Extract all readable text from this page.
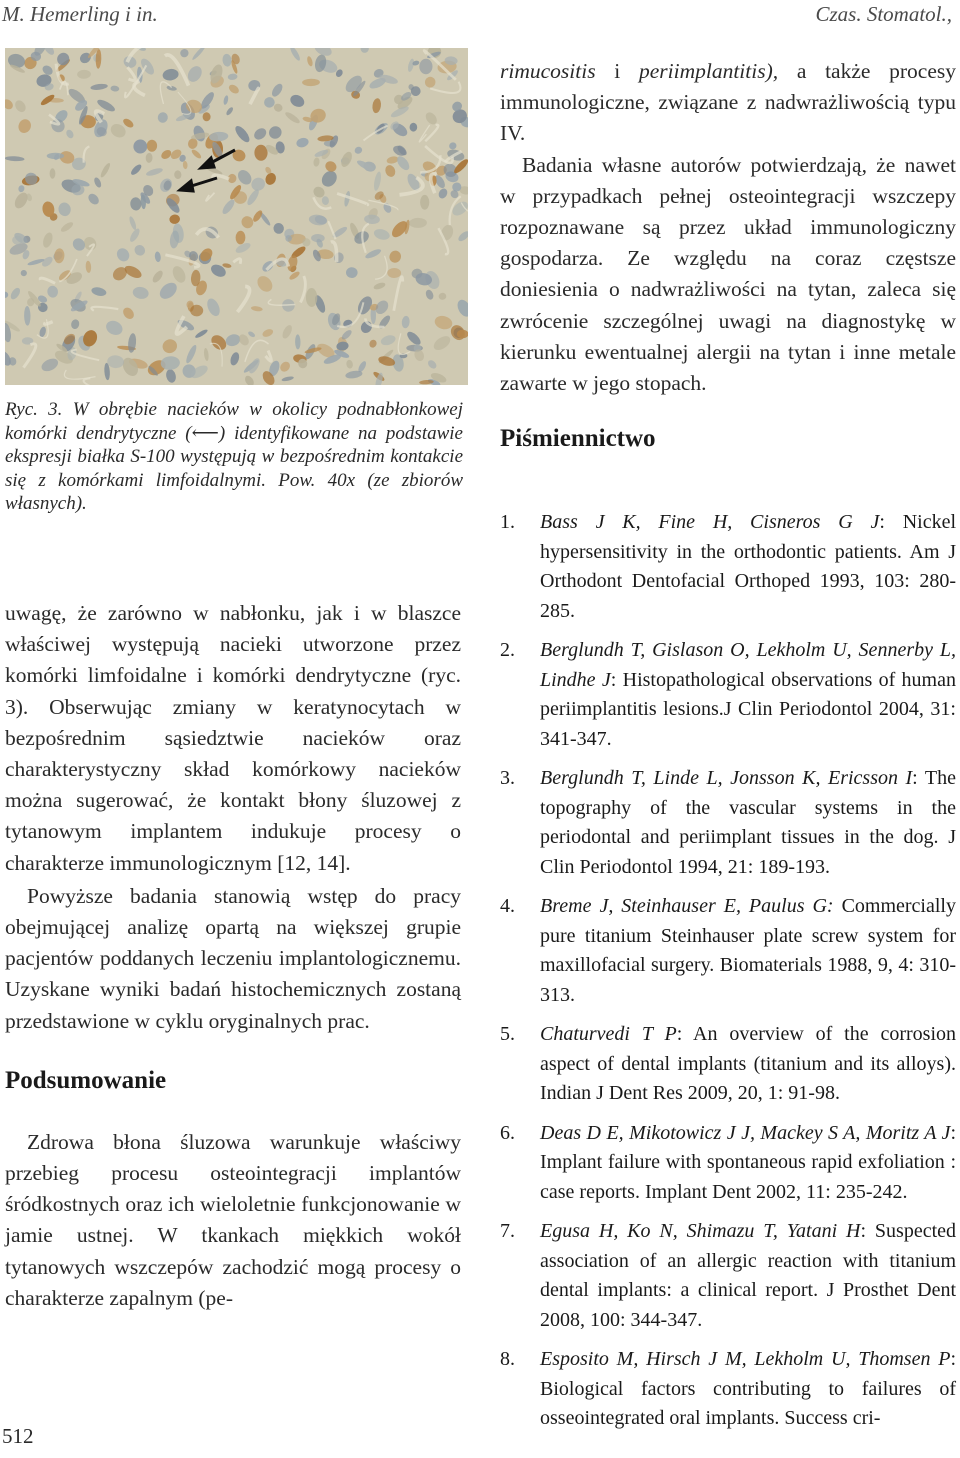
M. Hemerling i in.	Czas. Stomatol.,
Ryc. 3. W obrębie nacieków w okolicy podnabłonkowej komórki dendrytyczne (⟵) identyfikowane na podstawie ekspresji białka S-100 występują w bezpośrednim kontakcie się z komórkami limfoidalnymi. Pow. 40x (ze zbiorów własnych).

uwagę, że zarówno w nabłonku, jak i w blaszce właściwej występują nacieki utworzone przez komórki limfoidalne i komórki dendrytyczne (ryc. 3). Obserwując zmiany w keratynocytach w bezpośrednim sąsiedztwie nacieków oraz charakterystyczny skład komórkowy nacieków można sugerować, że kontakt błony śluzowej z tytanowym implantem indukuje procesy o charakterze immunologicznym [12, 14].

Powyższe badania stanowią wstęp do pracy obejmującej analizę opartą na większej grupie pacjentów poddanych leczeniu implantologicznemu. Uzyskane wyniki badań histochemicznych zostaną przedstawione w cyklu oryginalnych prac.

Podsumowanie

Zdrowa błona śluzowa warunkuje właściwy przebieg procesu osteointegracji implantów śródkostnych oraz ich wieloletnie funkcjonowanie w jamie ustnej. W tkankach miękkich wokół tytanowych wszczepów zachodzić mogą procesy o charakterze zapalnym (pe-

rimucositis i periimplantitis), a także procesy immunologiczne, związane z nadwrażliwością typu IV.

Badania własne autorów potwierdzają, że nawet w przypadkach pełnej osteointegracji wszczepy rozpoznawane są przez układ immunologiczny gospodarza. Ze względu na coraz częstsze doniesienia o nadwrażliwości na tytan, zaleca się zwrócenie szczególnej uwagi na diagnostykę w kierunku ewentualnej alergii na tytan i inne metale zawarte w jego stopach.

Piśmiennictwo
1.	Bass J K, Fine H, Cisneros G J: Nickel hypersensitivity in the orthodontic patients. Am J Orthodont Dentofacial Orthoped 1993, 103: 280-285.
2.	Berglundh T, Gislason O, Lekholm U, Sennerby L, Lindhe J: Histopathological observations of human periimplantitis lesions.J Clin Periodontol 2004, 31: 341-347.
3.	Berglundh T, Linde L, Jonsson K, Ericsson I: The topography of the vascular systems in the periodontal and periimplant tissues in the dog. J Clin Periodontol 1994, 21: 189-193.
4.	Breme J, Steinhauser E, Paulus G: Commercially pure titanium Steinhauser plate screw system for maxillofacial surgery. Biomaterials 1988, 9, 4: 310-313.
5.	Chaturvedi T P: An overview of the corrosion aspect of dental implants (titanium and its alloys). Indian J Dent Res 2009, 20, 1: 91-98.
6.	Deas D E, Mikotowicz J J, Mackey S A, Moritz A J: Implant failure with spontaneous rapid exfoliation : case reports. Implant Dent 2002, 11: 235-242.
7.	Egusa H, Ko N, Shimazu T, Yatani H: Suspected association of an allergic reaction with titanium dental implants: a clinical report. J Prosthet Dent 2008, 100: 344-347.
8.	Esposito M, Hirsch J M, Lekholm U, Thomsen P: Biological factors contributing to failures of osseointegrated oral implants. Success cri-
512
